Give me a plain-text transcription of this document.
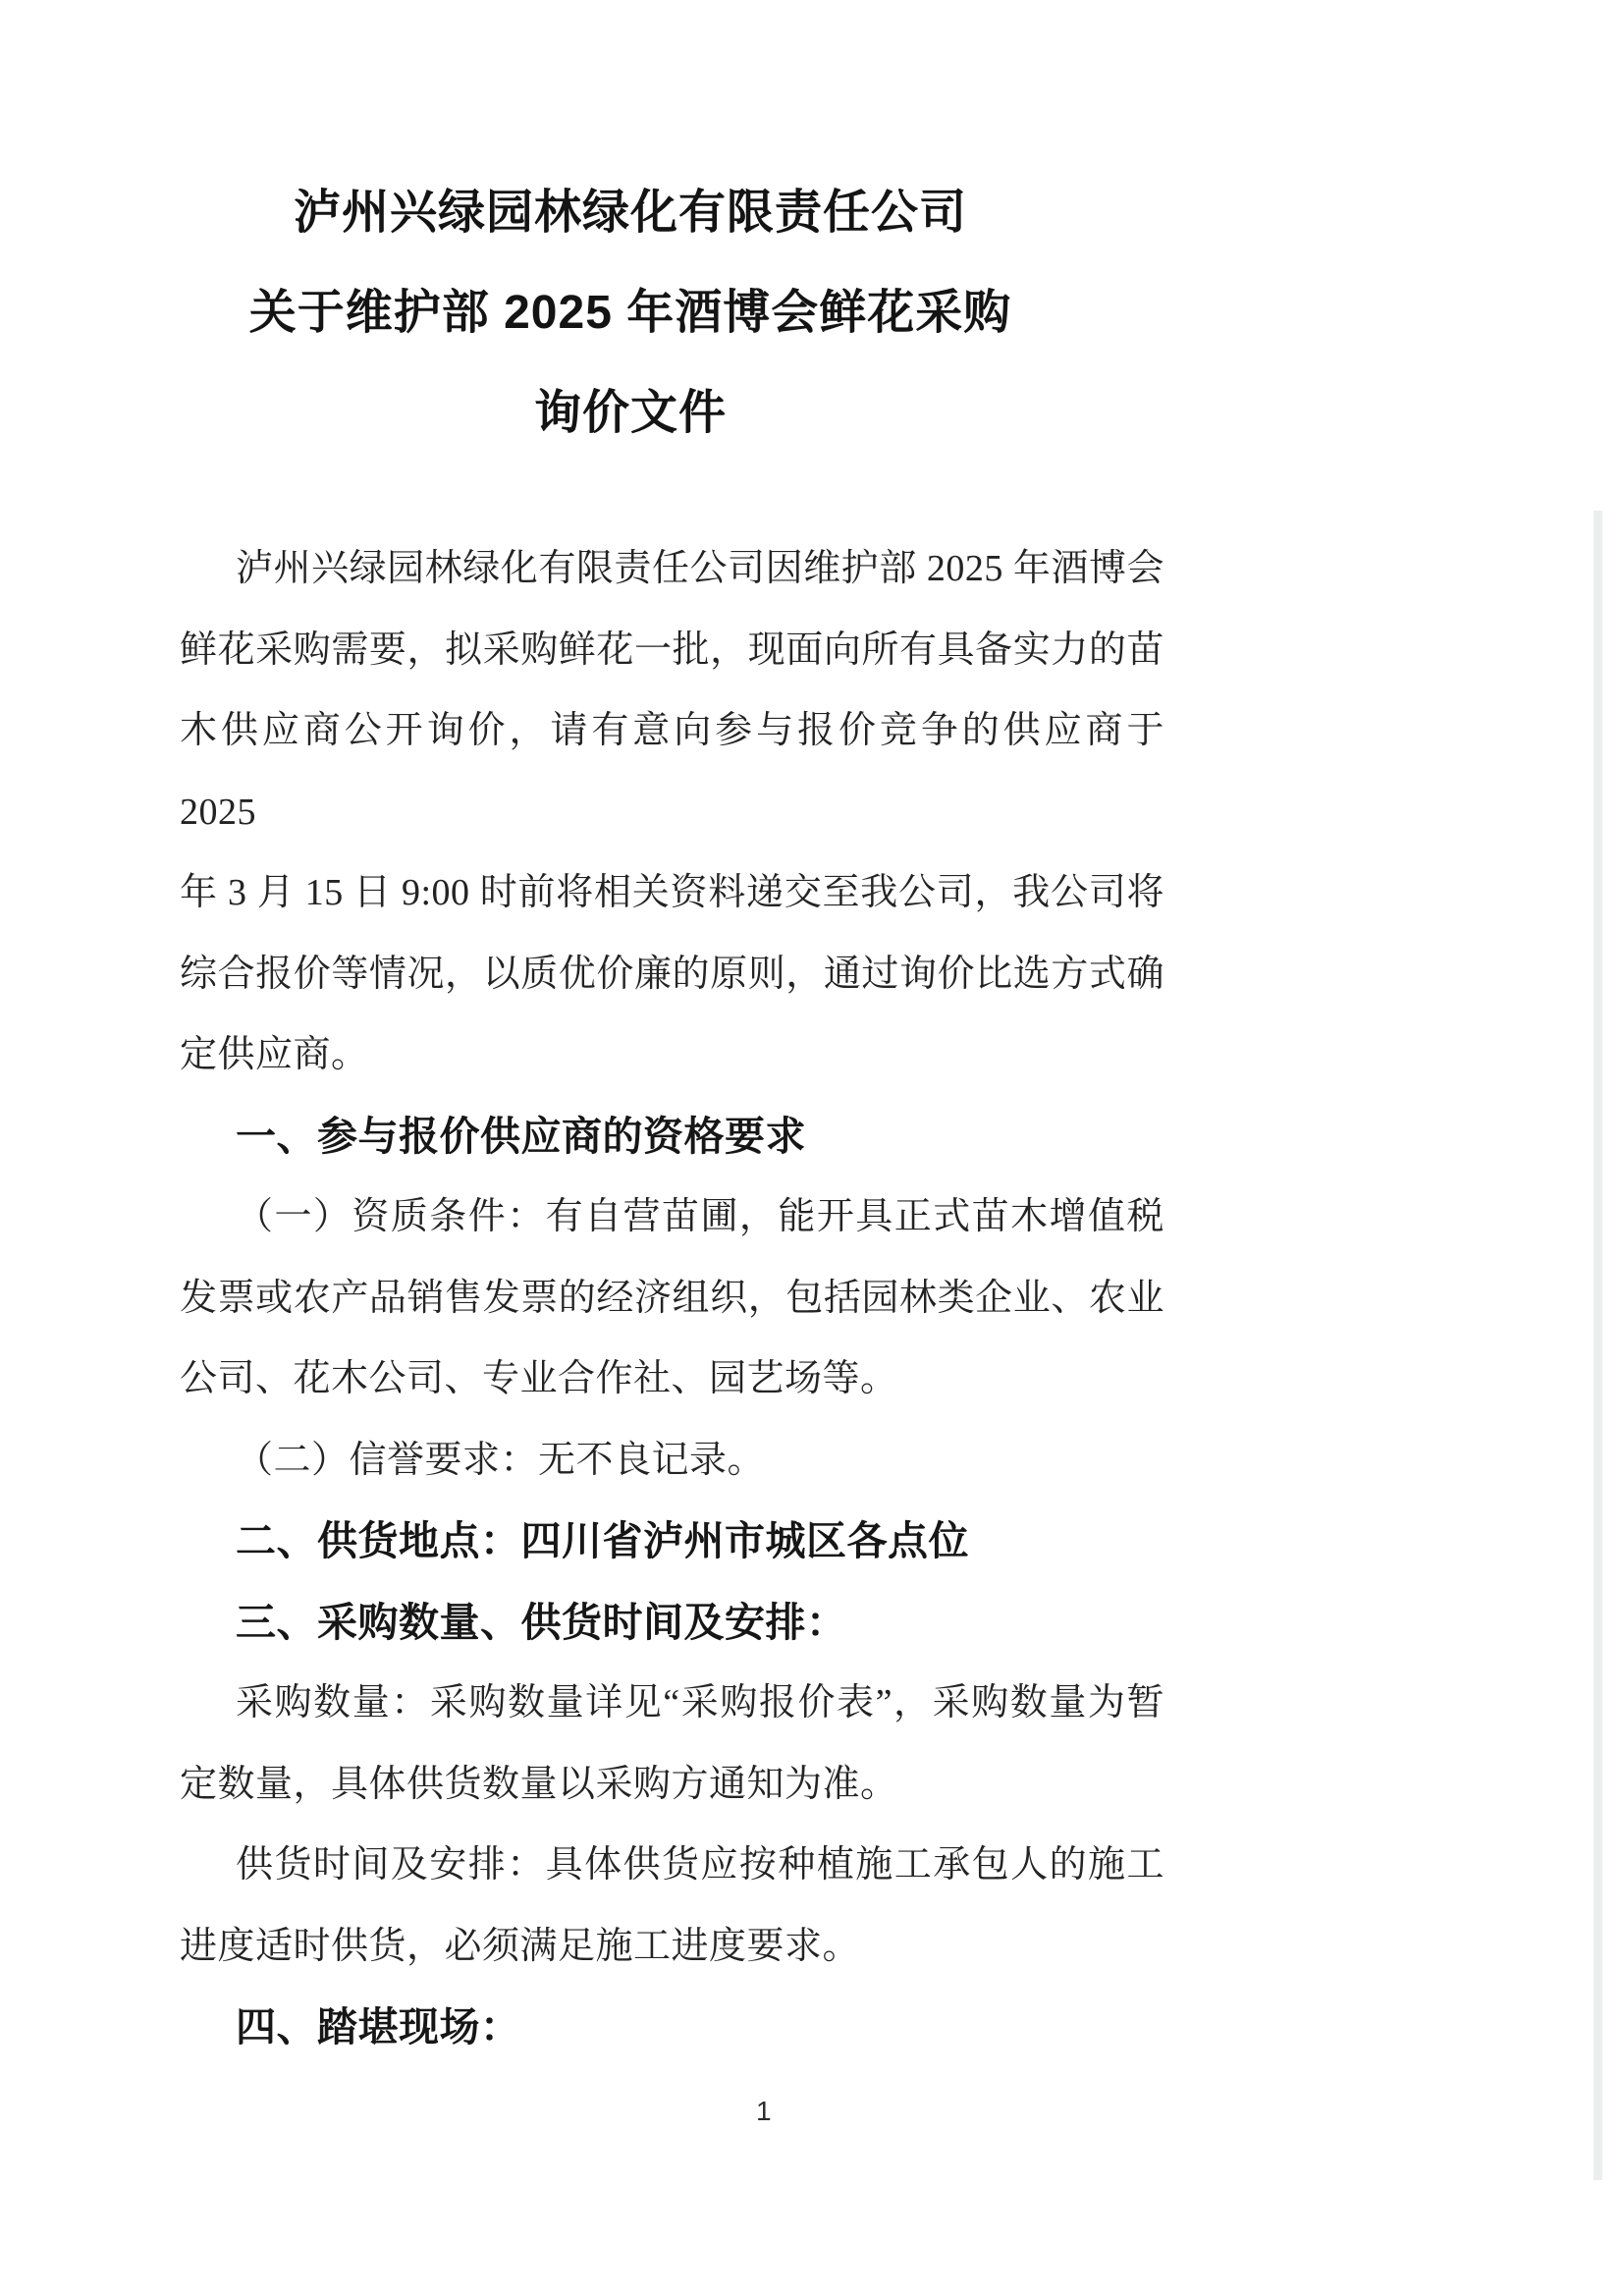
泸州兴绿园林绿化有限责任公司
关于维护部 2025 年酒博会鲜花采购
询价文件
泸州兴绿园林绿化有限责任公司因维护部 2025 年酒博会
鲜花采购需要，拟采购鲜花一批，现面向所有具备实力的苗
木供应商公开询价，请有意向参与报价竞争的供应商于 2025
年 3 月 15 日 9:00 时前将相关资料递交至我公司，我公司将
综合报价等情况，以质优价廉的原则，通过询价比选方式确
定供应商。
一、参与报价供应商的资格要求
（一）资质条件：有自营苗圃，能开具正式苗木增值税
发票或农产品销售发票的经济组织，包括园林类企业、农业
公司、花木公司、专业合作社、园艺场等。
（二）信誉要求：无不良记录。
二、供货地点：四川省泸州市城区各点位
三、采购数量、供货时间及安排：
采购数量：采购数量详见“采购报价表”，采购数量为暂
定数量，具体供货数量以采购方通知为准。
供货时间及安排：具体供货应按种植施工承包人的施工
进度适时供货，必须满足施工进度要求。
四、踏堪现场：
1
